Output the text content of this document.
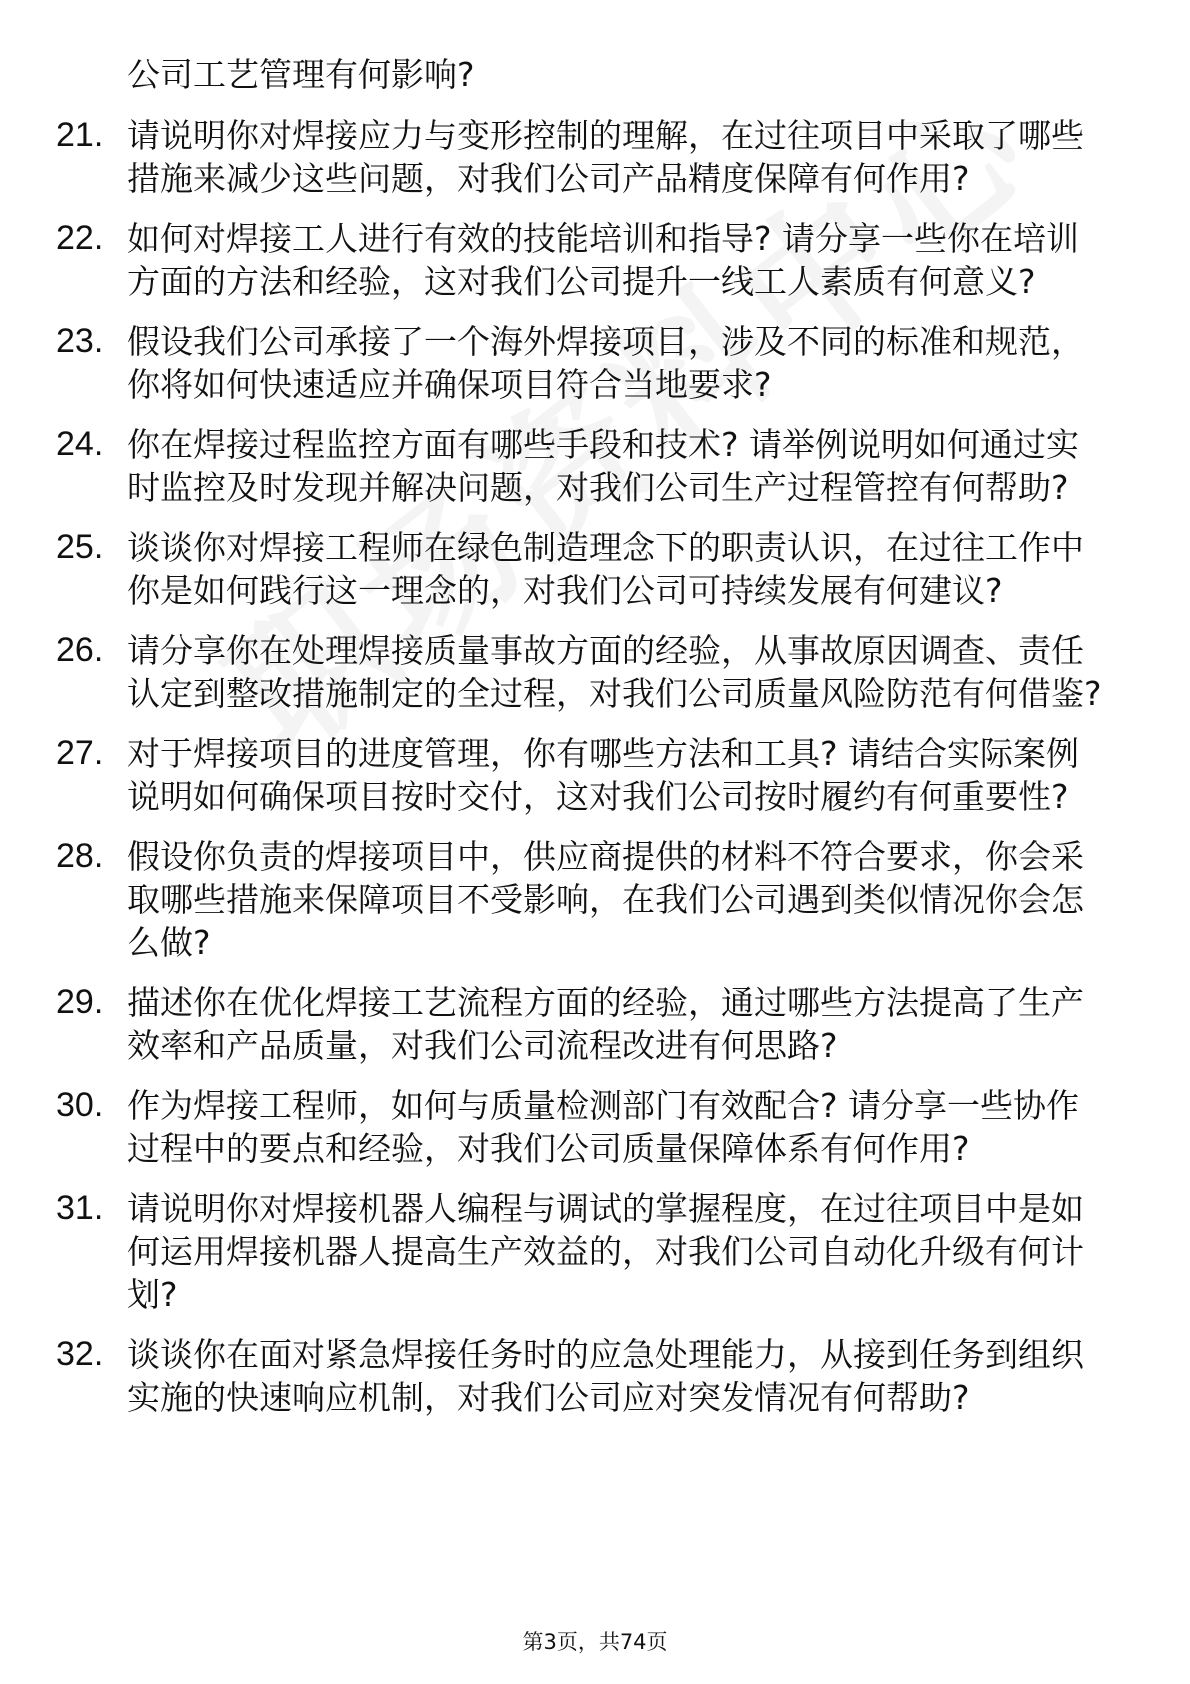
公司工艺管理有何影响?

21. 请说明你对焊接应力与变形控制的理解，在过往项目中采取了哪些措施来减少这些问题，对我们公司产品精度保障有何作用?
22. 如何对焊接工人进行有效的技能培训和指导? 请分享一些你在培训方面的方法和经验，这对我们公司提升一线工人素质有何意义?
23. 假设我们公司承接了一个海外焊接项目，涉及不同的标准和规范，你将如何快速适应并确保项目符合当地要求?
24. 你在焊接过程监控方面有哪些手段和技术? 请举例说明如何通过实时监控及时发现并解决问题，对我们公司生产过程管控有何帮助?
25. 谈谈你对焊接工程师在绿色制造理念下的职责认识，在过往工作中你是如何践行这一理念的，对我们公司可持续发展有何建议?
26. 请分享你在处理焊接质量事故方面的经验，从事故原因调查、责任认定到整改措施制定的全过程，对我们公司质量风险防范有何借鉴?
27. 对于焊接项目的进度管理，你有哪些方法和工具? 请结合实际案例说明如何确保项目按时交付，这对我们公司按时履约有何重要性?
28. 假设你负责的焊接项目中，供应商提供的材料不符合要求，你会采取哪些措施来保障项目不受影响，在我们公司遇到类似情况你会怎么做?
29. 描述你在优化焊接工艺流程方面的经验，通过哪些方法提高了生产效率和产品质量，对我们公司流程改进有何思路?
30. 作为焊接工程师，如何与质量检测部门有效配合? 请分享一些协作过程中的要点和经验，对我们公司质量保障体系有何作用?
31. 请说明你对焊接机器人编程与调试的掌握程度，在过往项目中是如何运用焊接机器人提高生产效益的，对我们公司自动化升级有何计划?
32. 谈谈你在面对紧急焊接任务时的应急处理能力，从接到任务到组织实施的快速响应机制，对我们公司应对突发情况有何帮助?
第3页，共74页
